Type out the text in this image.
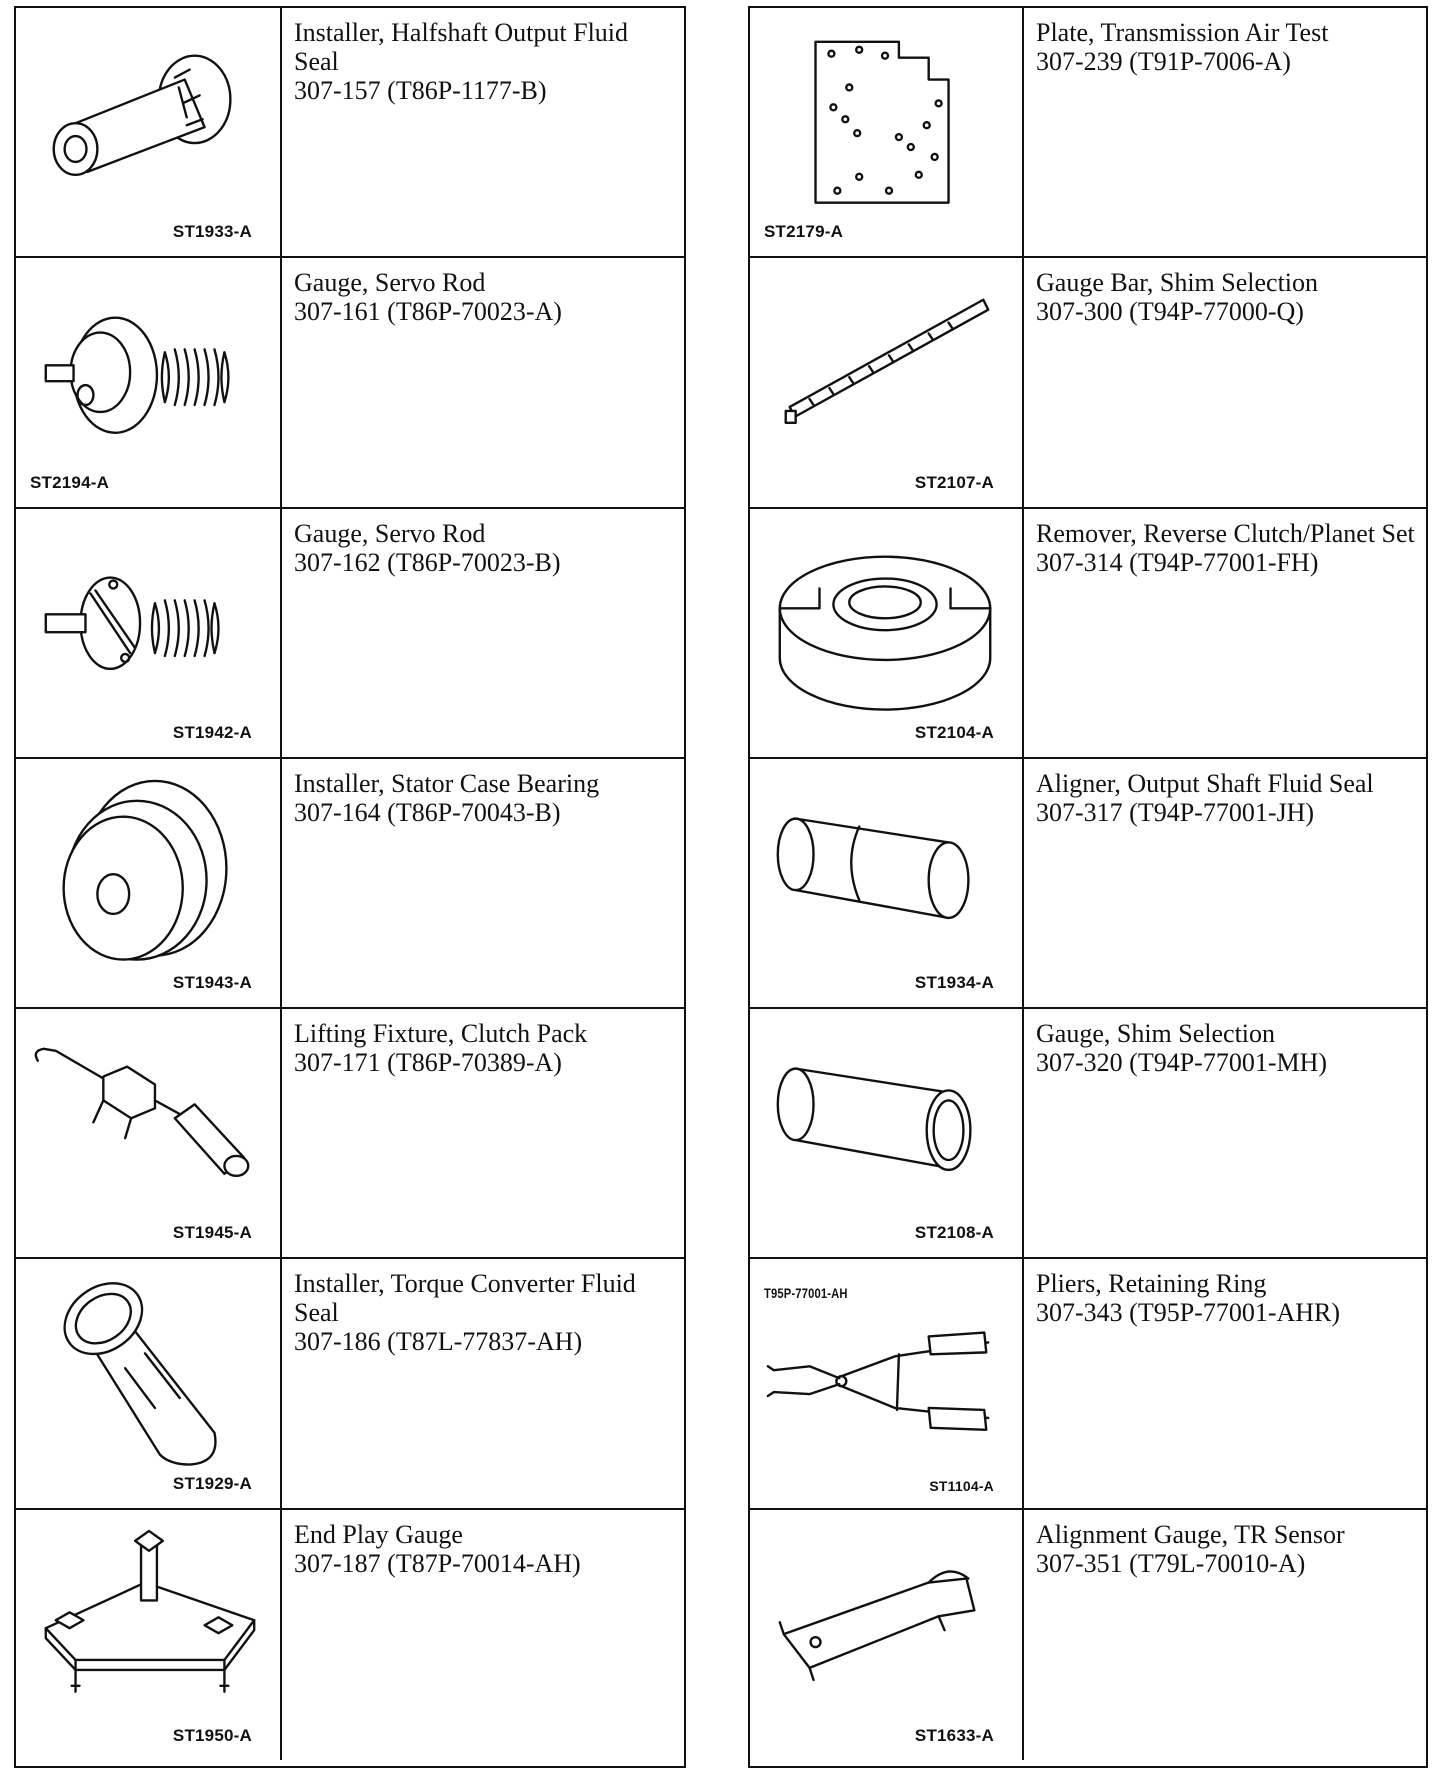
ST1933-A
Installer, Halfshaft Output Fluid Seal
307-157 (T86P-1177-B)
ST2194-A
Gauge, Servo Rod
307-161 (T86P-70023-A)
ST1942-A
Gauge, Servo Rod
307-162 (T86P-70023-B)
ST1943-A
Installer, Stator Case Bearing
307-164 (T86P-70043-B)
ST1945-A
Lifting Fixture, Clutch Pack
307-171 (T86P-70389-A)
ST1929-A
Installer, Torque Converter Fluid Seal
307-186 (T87L-77837-AH)
ST1950-A
End Play Gauge
307-187 (T87P-70014-AH)
ST2179-A
Plate, Transmission Air Test
307-239 (T91P-7006-A)
ST2107-A
Gauge Bar, Shim Selection
307-300 (T94P-77000-Q)
ST2104-A
Remover, Reverse Clutch/Planet Set
307-314 (T94P-77001-FH)
ST1934-A
Aligner, Output Shaft Fluid Seal
307-317 (T94P-77001-JH)
ST2108-A
Gauge, Shim Selection
307-320 (T94P-77001-MH)
T95P-77001-AH
ST1104-A
Pliers, Retaining Ring
307-343 (T95P-77001-AHR)
ST1633-A
Alignment Gauge, TR Sensor
307-351 (T79L-70010-A)
